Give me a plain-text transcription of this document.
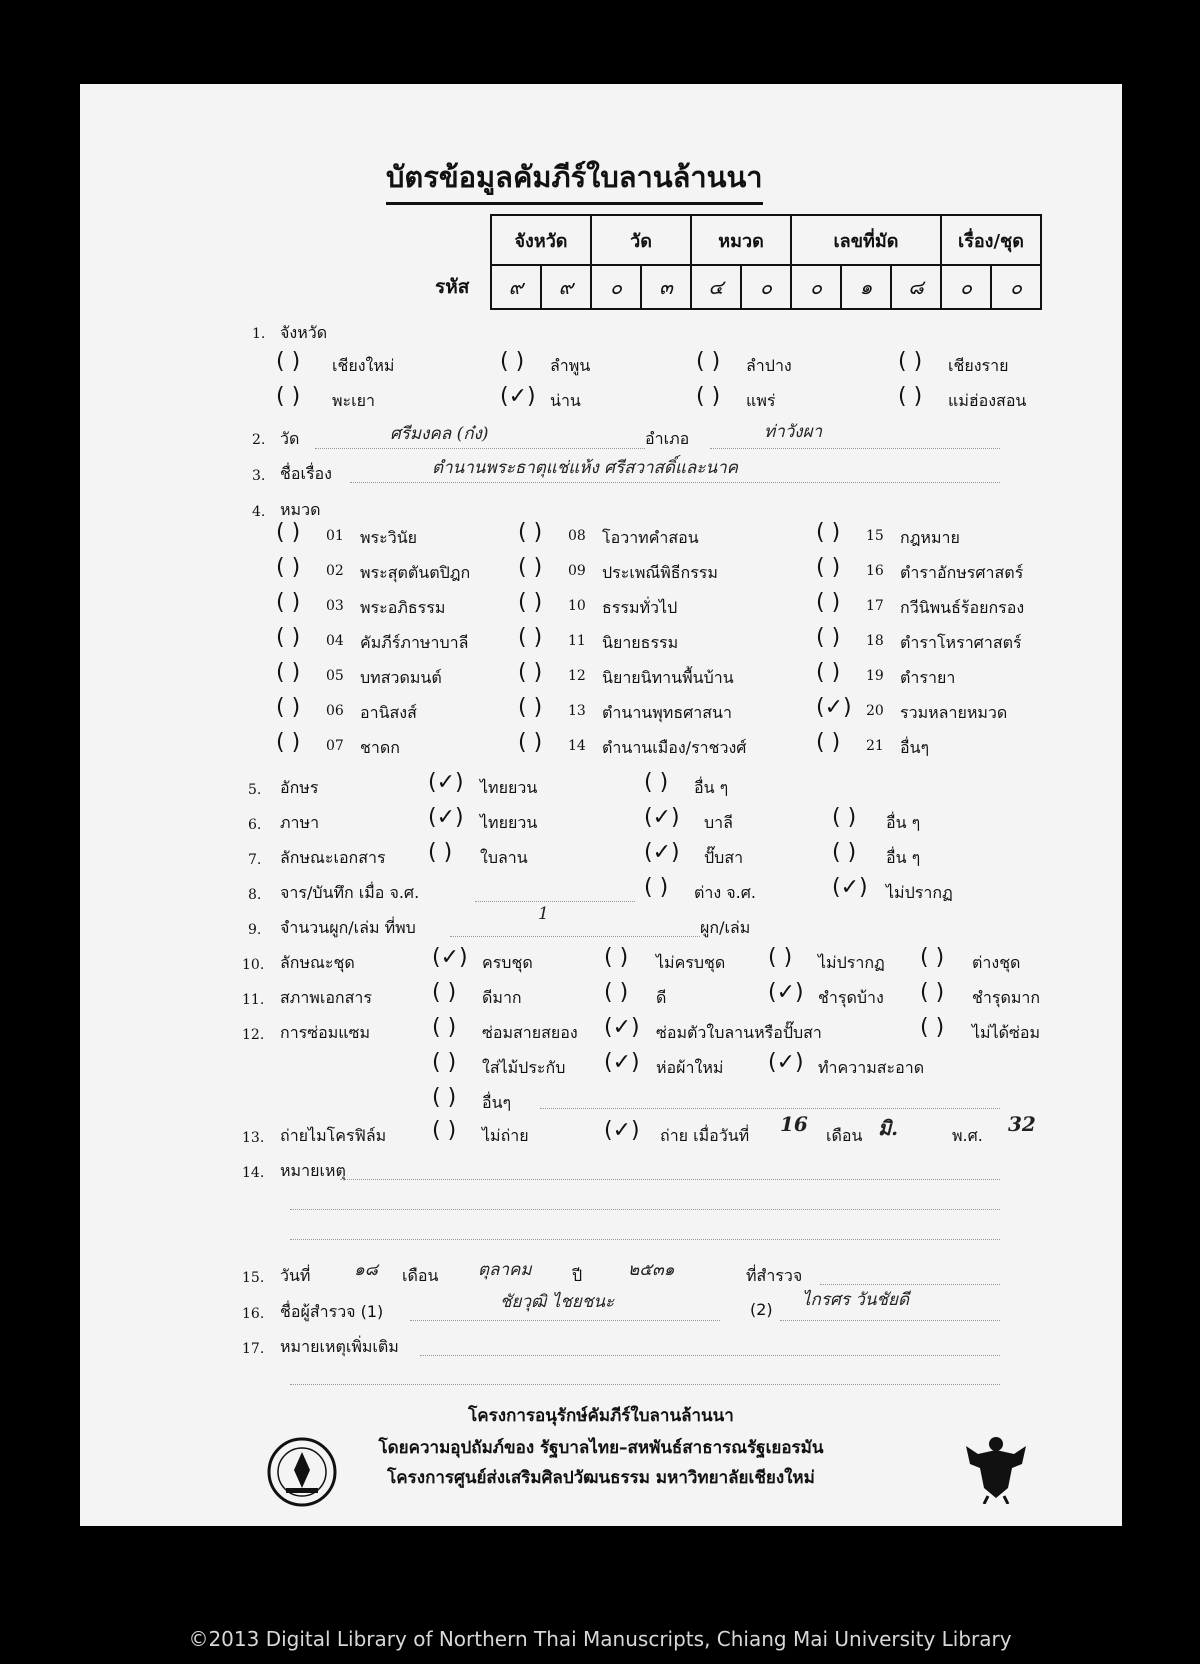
บัตรข้อมูลคัมภีร์ใบลานล้านนา
รหัส
จังหวัด		วัด		หมวด		เลขที่มัด			เรื่อง/ชุด	
๙	๙	๐	๓	๔	๐	๐	๑	๘	๐	๐
1. จังหวัด
( ) เชียงใหม่	( ) ลำพูน	( ) ลำปาง	( ) เชียงราย
( ) พะเยา	(✓) น่าน	( ) แพร่	( ) แม่ฮ่องสอน
2. วัด	ศรีมงคล (ก๋ง)	อำเภอ	ท่าวังผา
3. ชื่อเรื่อง	ตำนานพระธาตุแช่แห้ง ศรีสวาสดิ์และนาค
4. หมวด
( ) 01 พระวินัย	( ) 08 โอวาทคำสอน	( ) 15 กฎหมาย
( ) 02 พระสุตตันตปิฎก ( ) 09 ประเพณีพิธีกรรม	( ) 16 ตำราอักษรศาสตร์
( ) 03 พระอภิธรรม	( ) 10 ธรรมทั่วไป	( ) 17 กวีนิพนธ์ร้อยกรอง
( ) 04 คัมภีร์ภาษาบาลี ( ) 11 นิยายธรรม	( ) 18 ตำราโหราศาสตร์
( ) 05 บทสวดมนต์	( ) 12 นิยายนิทานพื้นบ้าน	( ) 19 ตำรายา
( ) 06 อานิสงส์	( ) 13 ตำนานพุทธศาสนา	(✓) 20 รวมหลายหมวด
( ) 07 ชาดก	( ) 14 ตำนานเมือง/ราชวงศ์	( ) 21 อื่นๆ
5. อักษร	(✓) ไทยยวน	( ) อื่น ๆ
6. ภาษา	(✓) ไทยยวน	(✓) บาลี	( ) อื่น ๆ
7. ลักษณะเอกสาร ( ) ใบลาน	(✓) ปั๊บสา	( ) อื่น ๆ
8. จาร/บันทึก เมื่อ จ.ศ.	( ) ต่าง จ.ศ.	(✓) ไม่ปรากฏ
9. จำนวนผูก/เล่ม ที่พบ
1
ผูก/เล่ม
10. ลักษณะชุด	(✓) ครบชุด	( ) ไม่ครบชุด ( ) ไม่ปรากฏ ( ) ต่างชุด
11. สภาพเอกสาร	( ) ดีมาก	( ) ดี	(✓) ชำรุดบ้าง ( ) ชำรุดมาก
12. การซ่อมแซม	( ) ซ่อมสายสยอง (✓) ซ่อมตัวใบลานหรือปั๊บสา	( ) ไม่ได้ซ่อม
( ) ใส่ไม้ประกับ (✓) ห่อผ้าใหม่ (✓) ทำความสะอาด
( ) อื่นๆ
13. ถ่ายไมโครฟิล์ม ( ) ไม่ถ่าย	(✓) ถ่าย เมื่อวันที่ 16 เดือน มิ.	พ.ศ. 32
14. หมายเหตุ
15. วันที่	๑๘ เดือน ตุลาคม	ปี	๒๕๓๑	ที่สำรวจ
16. ชื่อผู้สำรวจ (1)	ชัยวุฒิ ไชยชนะ	(2) ไกรศร วันชัยดี
17. หมายเหตุเพิ่มเติม
โครงการอนุรักษ์คัมภีร์ใบลานล้านนา
โดยความอุปถัมภ์ของ รัฐบาลไทย–สหพันธ์สาธารณรัฐเยอรมัน
โครงการศูนย์ส่งเสริมศิลปวัฒนธรรม มหาวิทยาลัยเชียงใหม่
©2013 Digital Library of Northern Thai Manuscripts, Chiang Mai University Library
